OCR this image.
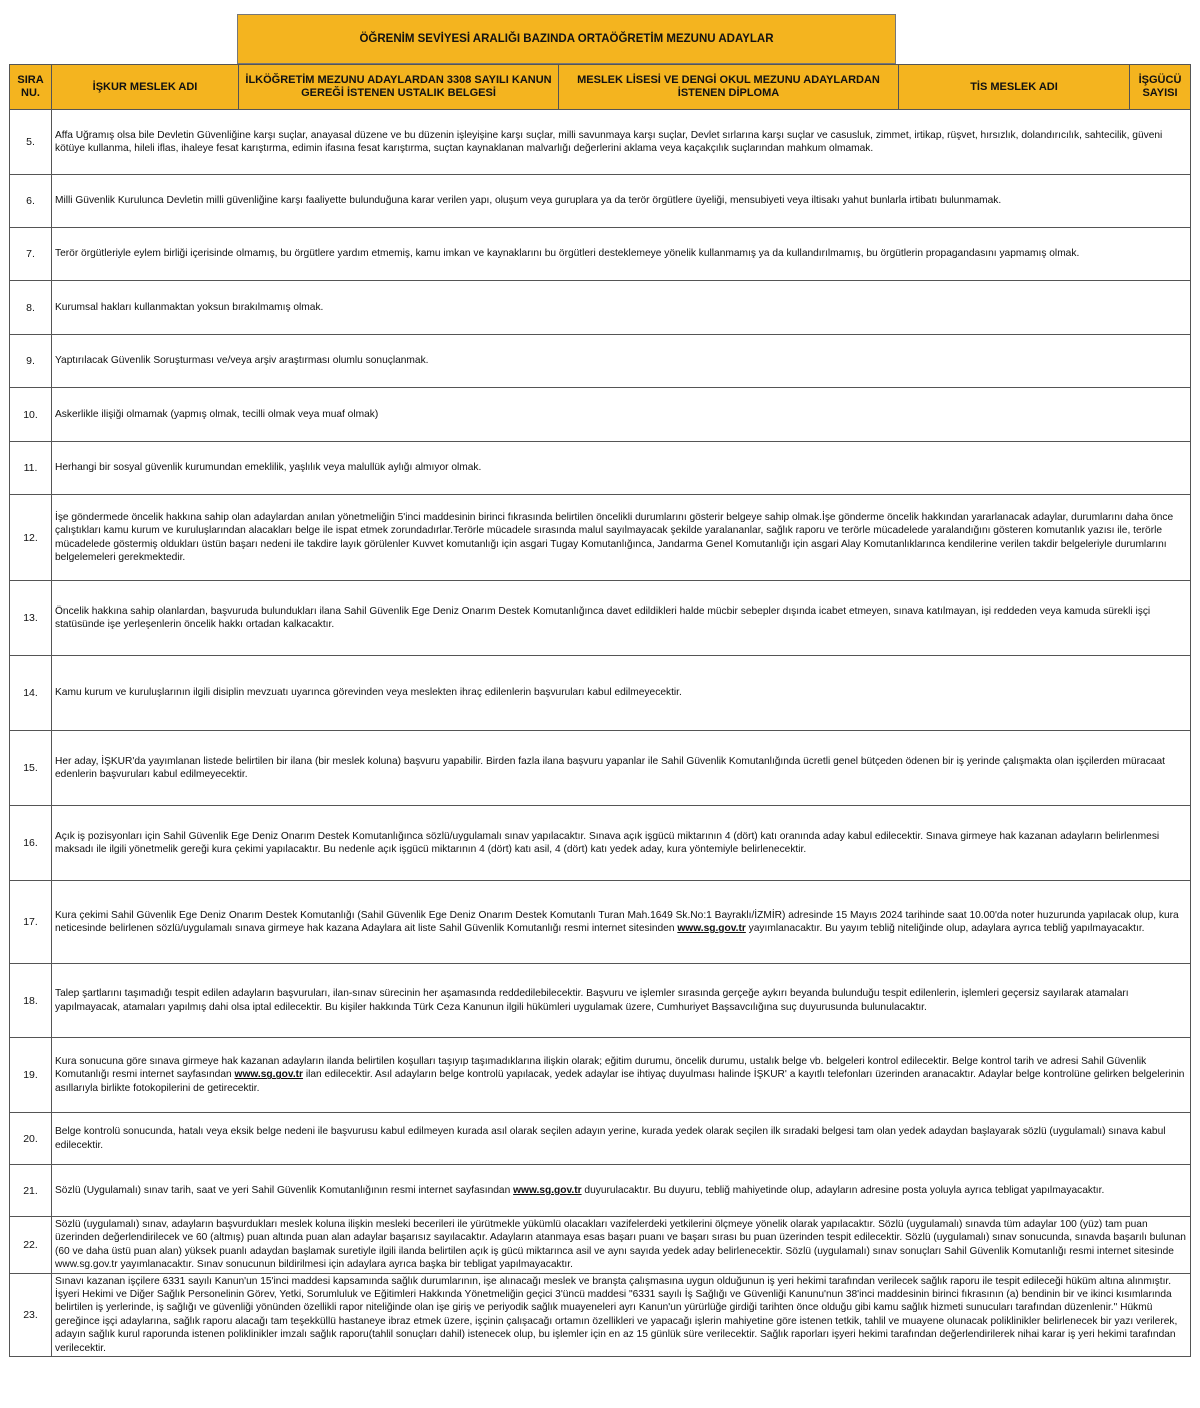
ÖĞRENİM SEVİYESİ ARALIĞI BAZINDA ORTAÖĞRETİM MEZUNU ADAYLAR
SIRA NU.	İŞKUR MESLEK ADI	İLKÖĞRETİM MEZUNU ADAYLARDAN 3308 SAYILI KANUN GEREĞİ İSTENEN USTALIK BELGESİ	MESLEK LİSESİ VE DENGİ OKUL MEZUNU ADAYLARDAN İSTENEN DİPLOMA	TİS MESLEK ADI	İŞGÜCÜ SAYISI
5.	Affa Uğramış olsa bile Devletin Güvenliğine karşı suçlar, anayasal düzene ve bu düzenin işleyişine karşı suçlar, milli savunmaya karşı suçlar, Devlet sırlarına karşı suçlar ve casusluk, zimmet, irtikap, rüşvet, hırsızlık, dolandırıcılık, sahtecilik, güveni kötüye kullanma, hileli iflas, ihaleye fesat karıştırma, edimin ifasına fesat karıştırma, suçtan kaynaklanan malvarlığı değerlerini aklama veya kaçakçılık suçlarından mahkum olmamak.				
6.	Milli Güvenlik Kurulunca Devletin milli güvenliğine karşı faaliyette bulunduğuna karar verilen yapı, oluşum veya guruplara ya da terör örgütlere üyeliği, mensubiyeti veya iltisakı yahut bunlarla irtibatı bulunmamak.				
7.	Terör örgütleriyle eylem birliği içerisinde olmamış, bu örgütlere yardım etmemiş, kamu imkan ve kaynaklarını bu örgütleri desteklemeye yönelik kullanmamış ya da kullandırılmamış, bu örgütlerin propagandasını yapmamış olmak.				
8.	Kurumsal hakları kullanmaktan yoksun bırakılmamış olmak.				
9.	Yaptırılacak Güvenlik Soruşturması ve/veya arşiv araştırması olumlu sonuçlanmak.				
10.	Askerlikle ilişiği olmamak (yapmış olmak, tecilli olmak veya muaf olmak)				
11.	Herhangi bir sosyal güvenlik kurumundan emeklilik, yaşlılık veya malullük aylığı almıyor olmak.				
12.	İşe göndermede öncelik hakkına sahip olan adaylardan anılan yönetmeliğin 5'inci maddesinin birinci fıkrasında belirtilen öncelikli durumlarını gösterir belgeye sahip olmak.İşe gönderme öncelik hakkından yararlanacak adaylar, durumlarını daha önce çalıştıkları kamu kurum ve kuruluşlarından alacakları belge ile ispat etmek zorundadırlar.Terörle mücadele sırasında malul sayılmayacak şekilde yaralananlar, sağlık raporu ve terörle mücadelede yaralandığını gösteren komutanlık yazısı ile, terörle mücadelede göstermiş oldukları üstün başarı nedeni ile takdire layık görülenler Kuvvet komutanlığı için asgari Tugay Komutanlığınca, Jandarma Genel Komutanlığı için asgari Alay Komutanlıklarınca kendilerine verilen takdir belgeleriyle durumlarını belgelemeleri gerekmektedir.				
13.	Öncelik hakkına sahip olanlardan, başvuruda bulundukları ilana Sahil Güvenlik Ege Deniz Onarım Destek Komutanlığınca davet edildikleri halde mücbir sebepler dışında icabet etmeyen, sınava katılmayan, işi reddeden veya kamuda sürekli işçi statüsünde işe yerleşenlerin öncelik hakkı ortadan kalkacaktır.				
14.	Kamu kurum ve kuruluşlarının ilgili disiplin mevzuatı uyarınca görevinden veya meslekten ihraç edilenlerin başvuruları kabul edilmeyecektir.				
15.	Her aday, İŞKUR'da yayımlanan listede belirtilen bir ilana (bir meslek koluna) başvuru yapabilir. Birden fazla ilana başvuru yapanlar ile Sahil Güvenlik Komutanlığında ücretli genel bütçeden ödenen bir iş yerinde çalışmakta olan işçilerden müracaat edenlerin başvuruları kabul edilmeyecektir.				
16.	Açık iş pozisyonları için Sahil Güvenlik Ege Deniz Onarım Destek Komutanlığınca sözlü/uygulamalı sınav yapılacaktır. Sınava açık işgücü miktarının 4 (dört) katı oranında aday kabul edilecektir. Sınava girmeye hak kazanan adayların belirlenmesi maksadı ile ilgili yönetmelik gereği kura çekimi yapılacaktır. Bu nedenle açık işgücü miktarının 4 (dört) katı asil, 4 (dört) katı yedek aday, kura yöntemiyle belirlenecektir.				
17.	Kura çekimi Sahil Güvenlik Ege Deniz Onarım Destek Komutanlığı (Sahil Güvenlik Ege Deniz Onarım Destek Komutanlı Turan Mah.1649 Sk.No:1 Bayraklı/İZMİR) adresinde 15 Mayıs 2024 tarihinde saat 10.00'da noter huzurunda yapılacak olup, kura neticesinde belirlenen sözlü/uygulamalı sınava girmeye hak kazana Adaylara ait liste Sahil Güvenlik Komutanlığı resmi internet sitesinden www.sg.gov.tr yayımlanacaktır. Bu yayım tebliğ niteliğinde olup, adaylara ayrıca tebliğ yapılmayacaktır.				
18.	Talep şartlarını taşımadığı tespit edilen adayların başvuruları, ilan-sınav sürecinin her aşamasında reddedilebilecektir. Başvuru ve işlemler sırasında gerçeğe aykırı beyanda bulunduğu tespit edilenlerin, işlemleri geçersiz sayılarak atamaları yapılmayacak, atamaları yapılmış dahi olsa iptal edilecektir. Bu kişiler hakkında Türk Ceza Kanunun ilgili hükümleri uygulamak üzere, Cumhuriyet Başsavcılığına suç duyurusunda bulunulacaktır.				
19.	Kura sonucuna göre sınava girmeye hak kazanan adayların ilanda belirtilen koşulları taşıyıp taşımadıklarına ilişkin olarak; eğitim durumu, öncelik durumu, ustalık belge vb. belgeleri kontrol edilecektir. Belge kontrol tarih ve adresi Sahil Güvenlik Komutanlığı resmi internet sayfasından www.sg.gov.tr ilan edilecektir. Asıl adayların belge kontrolü yapılacak, yedek adaylar ise ihtiyaç duyulması halinde İŞKUR' a kayıtlı telefonları üzerinden aranacaktır. Adaylar belge kontrolüne gelirken belgelerinin asıllarıyla birlikte fotokopilerini de getirecektir.				
20.	Belge kontrolü sonucunda, hatalı veya eksik belge nedeni ile başvurusu kabul edilmeyen kurada asıl olarak seçilen adayın yerine, kurada yedek olarak seçilen ilk sıradaki belgesi tam olan yedek adaydan başlayarak sözlü (uygulamalı) sınava kabul edilecektir.				
21.	Sözlü (Uygulamalı) sınav tarih, saat ve yeri Sahil Güvenlik Komutanlığının resmi internet sayfasından www.sg.gov.tr duyurulacaktır. Bu duyuru, tebliğ mahiyetinde olup, adayların adresine posta yoluyla ayrıca tebligat yapılmayacaktır.				
22.	Sözlü (uygulamalı) sınav, adayların başvurdukları meslek koluna ilişkin mesleki becerileri ile yürütmekle yükümlü olacakları vazifelerdeki yetkilerini ölçmeye yönelik olarak yapılacaktır. Sözlü (uygulamalı) sınavda tüm adaylar 100 (yüz) tam puan üzerinden değerlendirilecek ve 60 (altmış) puan altında puan alan adaylar başarısız sayılacaktır. Adayların atanmaya esas başarı puanı ve başarı sırası bu puan üzerinden tespit edilecektir. Sözlü (uygulamalı) sınav sonucunda, sınavda başarılı bulunan (60 ve daha üstü puan alan) yüksek puanlı adaydan başlamak suretiyle ilgili ilanda belirtilen açık iş gücü miktarınca asil ve aynı sayıda yedek aday belirlenecektir. Sözlü (uygulamalı) sınav sonuçları Sahil Güvenlik Komutanlığı resmi internet sitesinde www.sg.gov.tr yayımlanacaktır. Sınav sonucunun bildirilmesi için adaylara ayrıca başka bir tebligat yapılmayacaktır.				
23.	Sınavı kazanan işçilere 6331 sayılı Kanun'un 15'inci maddesi kapsamında sağlık durumlarının, işe alınacağı meslek ve branşta çalışmasına uygun olduğunun iş yeri hekimi tarafından verilecek sağlık raporu ile tespit edileceği hüküm altına alınmıştır. İşyeri Hekimi ve Diğer Sağlık Personelinin Görev, Yetki, Sorumluluk ve Eğitimleri Hakkında Yönetmeliğin geçici 3'üncü maddesi "6331 sayılı İş Sağlığı ve Güvenliği Kanunu'nun 38'inci maddesinin birinci fıkrasının (a) bendinin bir ve ikinci kısımlarında belirtilen iş yerlerinde, iş sağlığı ve güvenliği yönünden özellikli rapor niteliğinde olan işe giriş ve periyodik sağlık muayeneleri ayrı Kanun'un yürürlüğe girdiği tarihten önce olduğu gibi kamu sağlık hizmeti sunucuları tarafından düzenlenir." Hükmü gereğince işçi adaylarına, sağlık raporu alacağı tam teşekküllü hastaneye ibraz etmek üzere, işçinin çalışacağı ortamın özellikleri ve yapacağı işlerin mahiyetine göre istenen tetkik, tahlil ve muayene olunacak poliklinikler belirlenecek bir yazı verilerek, adayın sağlık kurul raporunda istenen poliklinikler imzalı sağlık raporu(tahlil sonuçları dahil) istenecek olup, bu işlemler için en az 15 günlük süre verilecektir. Sağlık raporları işyeri hekimi tarafından değerlendirilerek nihai karar iş yeri hekimi tarafından verilecektir.				
